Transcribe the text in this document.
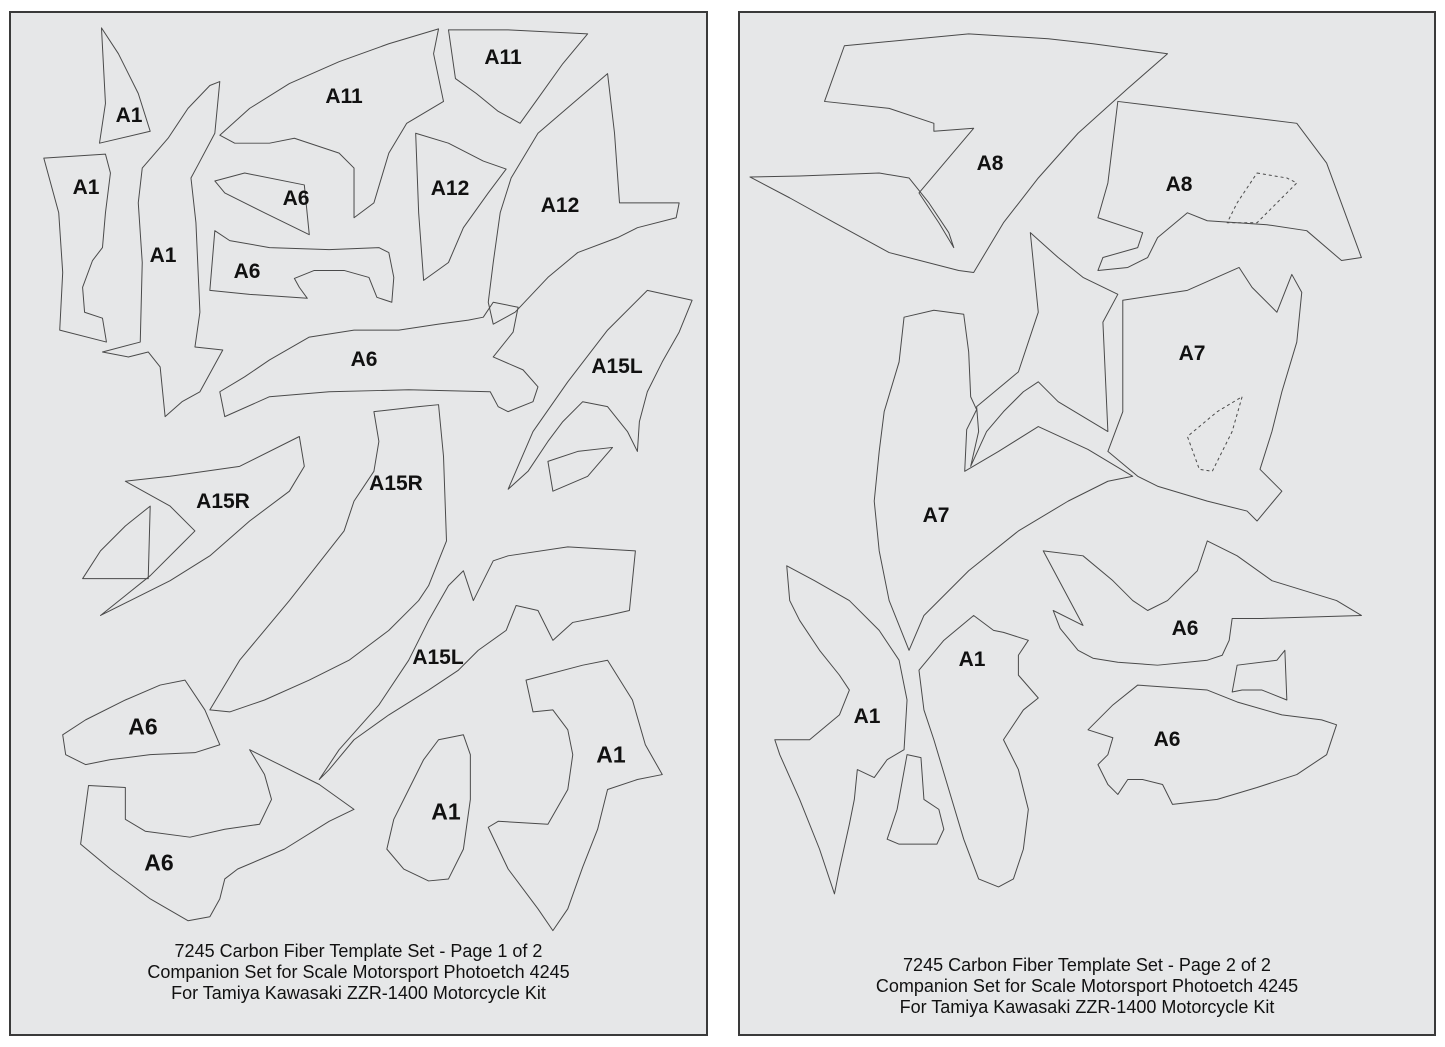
A1
A1
A1
A11
A11
A6
A6
A12
A12
A6	A15L
A15R
A15R
A15L
A6
A1
A1
A6
7245 Carbon Fiber Template Set - Page 1 of 2
Companion Set for Scale Motorsport Photoetch 4245
For Tamiya Kawasaki ZZR-1400 Motorcycle Kit
A8
A8
A7
A7
A6
A1
A1
A6
7245 Carbon Fiber Template Set - Page 2 of 2
Companion Set for Scale Motorsport Photoetch 4245
For Tamiya Kawasaki ZZR-1400 Motorcycle Kit
